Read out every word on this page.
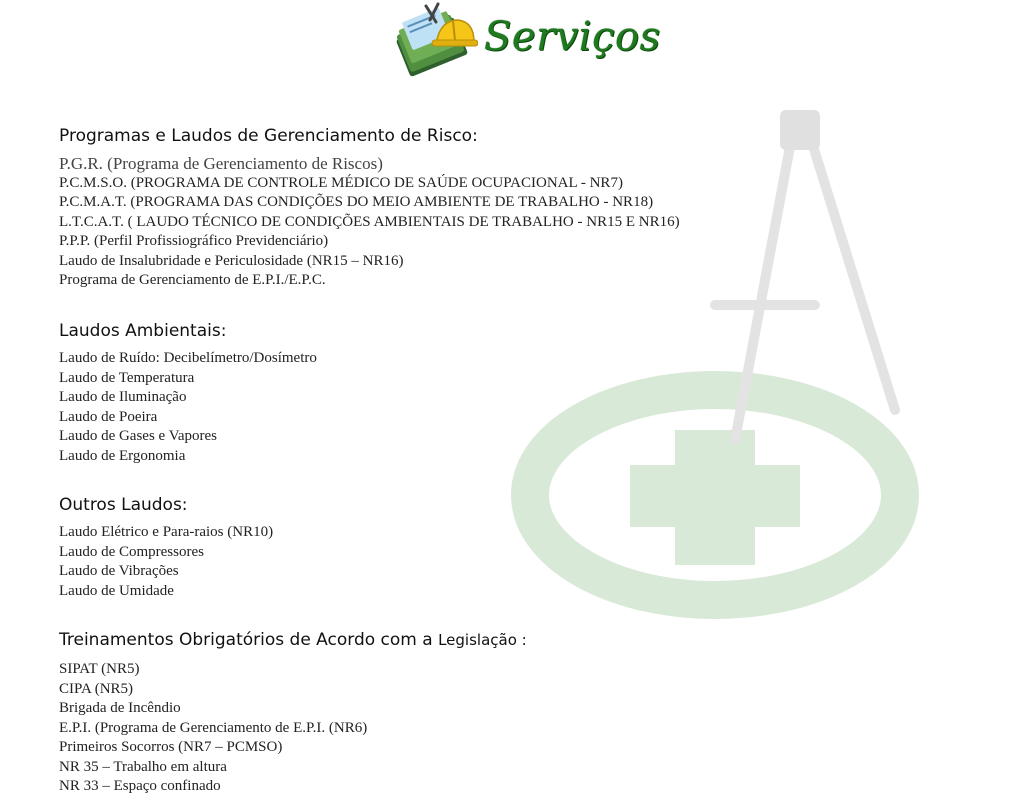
Serviços
Programas e Laudos de Gerenciamento de Risco:
P.G.R. (Programa de Gerenciamento de Riscos)
P.C.M.S.O. (PROGRAMA DE CONTROLE MÉDICO DE SAÚDE OCUPACIONAL - NR7)
P.C.M.A.T. (PROGRAMA DAS CONDIÇÕES DO MEIO AMBIENTE DE TRABALHO - NR18)
L.T.C.A.T. ( LAUDO TÉCNICO DE CONDIÇÕES AMBIENTAIS DE TRABALHO - NR15 E NR16)
P.P.P. (Perfil Profissiográfico Previdenciário)
Laudo de Insalubridade e Periculosidade (NR15 – NR16)
Programa de Gerenciamento de E.P.I./E.P.C.
Laudos Ambientais:
Laudo de Ruído: Decibelímetro/Dosímetro
Laudo de Temperatura
Laudo de Iluminação
Laudo de Poeira
Laudo de Gases e Vapores
Laudo de Ergonomia
Outros Laudos:
Laudo Elétrico e Para-raios (NR10)
Laudo de Compressores
Laudo de Vibrações
Laudo de Umidade
Treinamentos Obrigatórios de Acordo com a Legislação :
SIPAT (NR5)
CIPA (NR5)
Brigada de Incêndio
E.P.I. (Programa de Gerenciamento de E.P.I. (NR6)
Primeiros Socorros (NR7 – PCMSO)
NR 35 – Trabalho em altura
NR 33 – Espaço confinado
